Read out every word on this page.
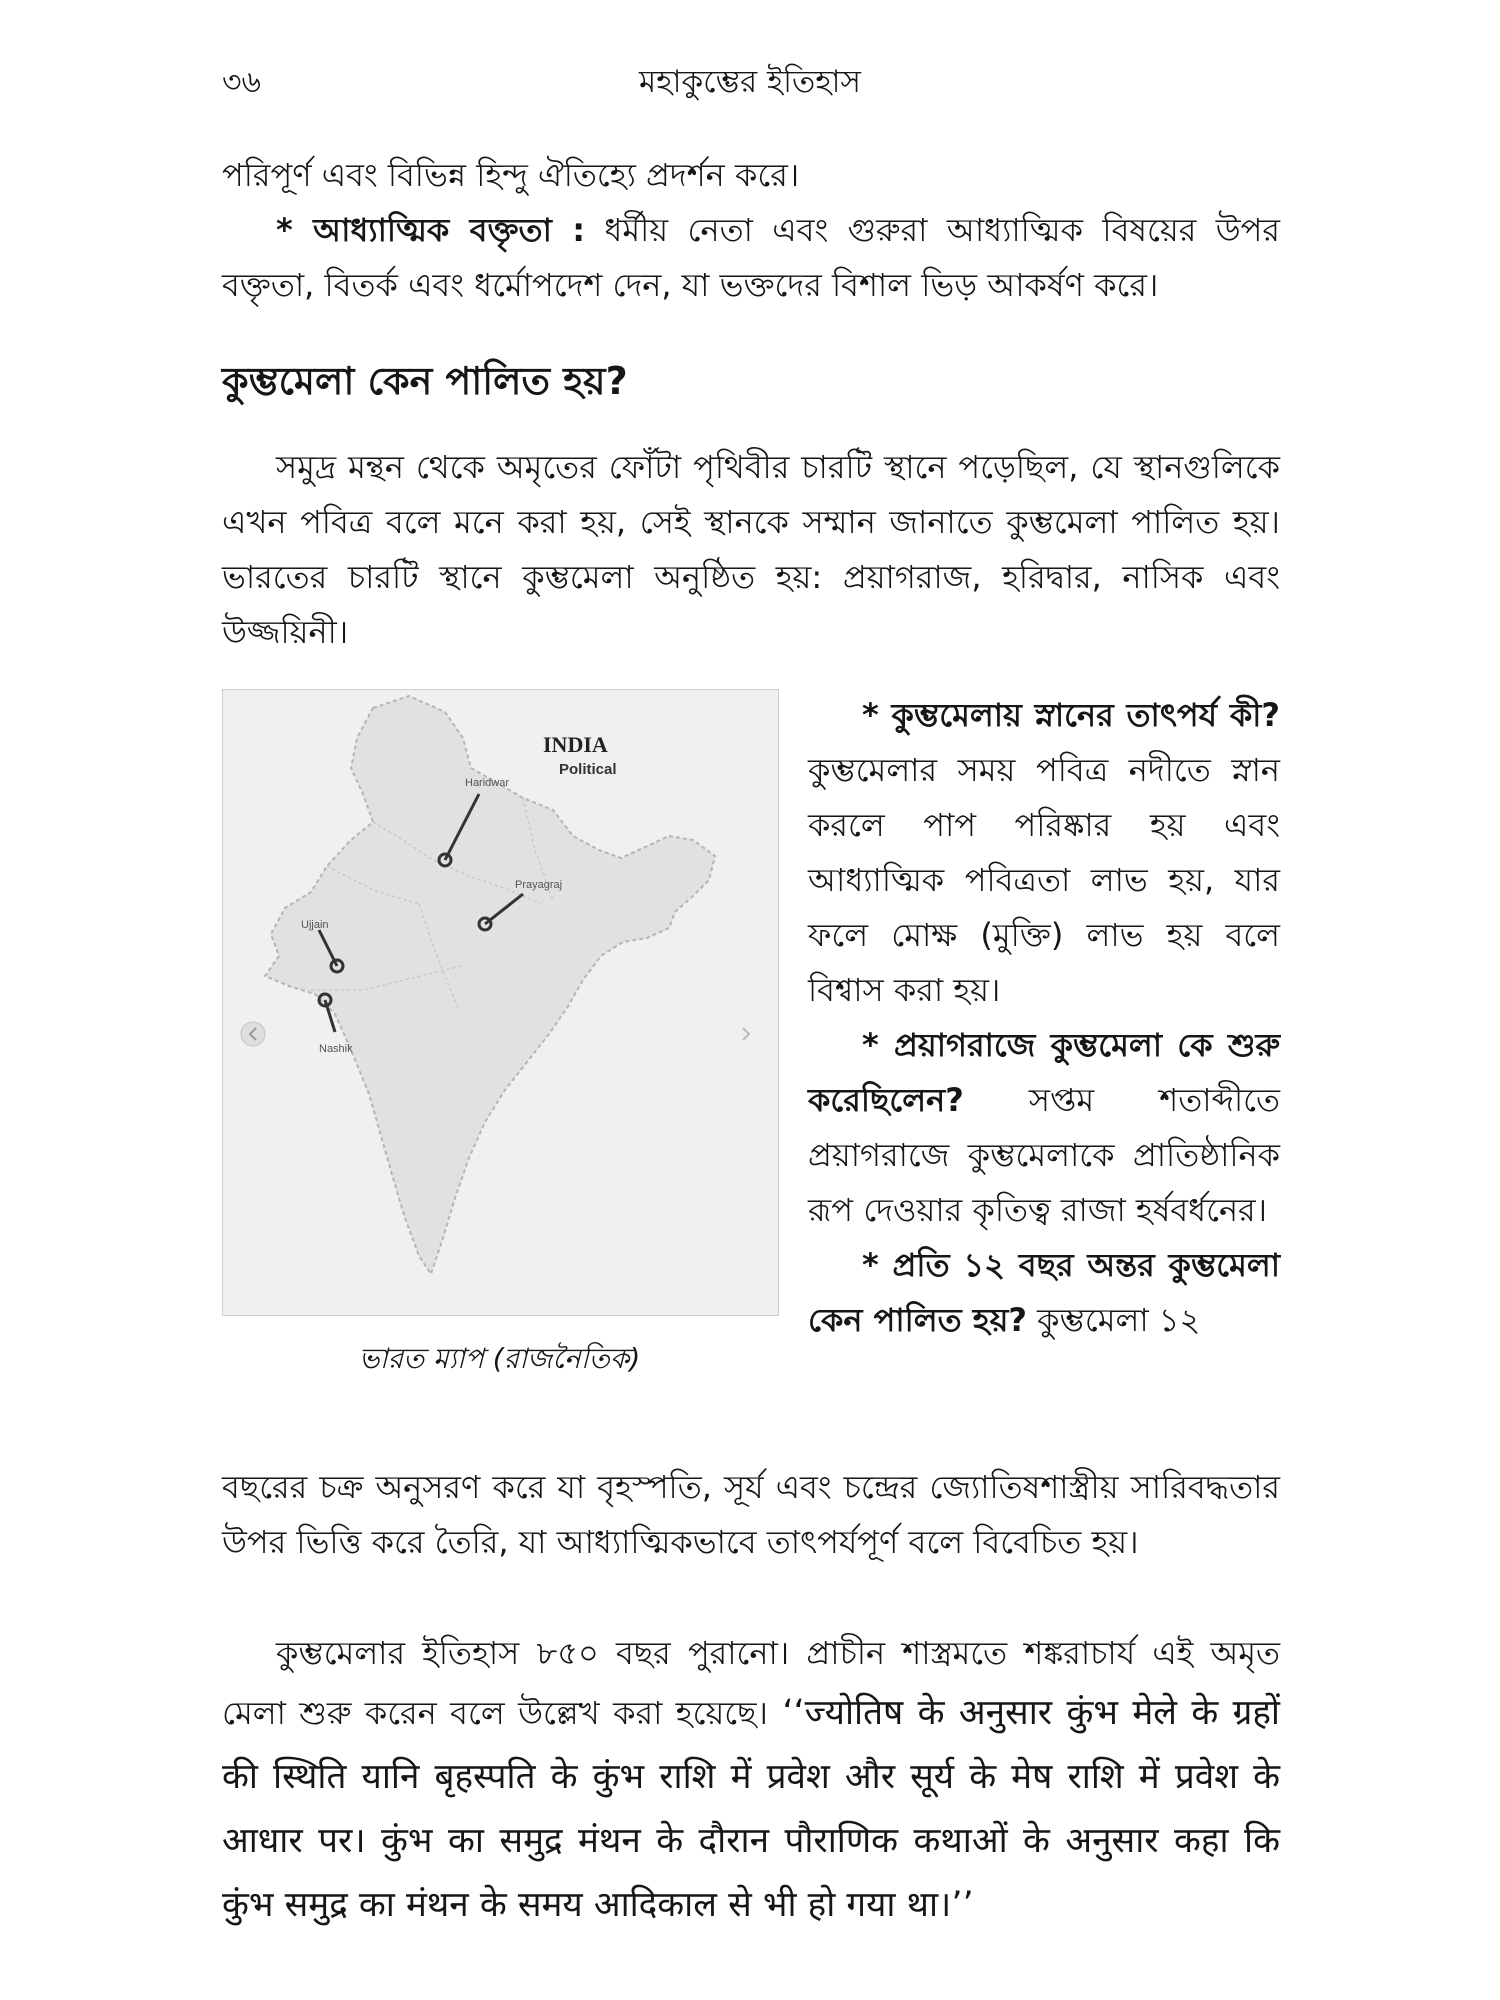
৩৬	মহাকুম্ভের ইতিহাস

পরিপূর্ণ এবং বিভিন্ন হিন্দু ঐতিহ্যে প্রদর্শন করে।

* আধ্যাত্মিক বক্তৃতা : ধর্মীয় নেতা এবং গুরুরা আধ্যাত্মিক বিষয়ের উপর বক্তৃতা, বিতর্ক এবং ধর্মোপদেশ দেন, যা ভক্তদের বিশাল ভিড় আকর্ষণ করে।

কুম্ভমেলা কেন পালিত হয়?

সমুদ্র মন্থন থেকে অমৃতের ফোঁটা পৃথিবীর চারটি স্থানে পড়েছিল, যে স্থানগুলিকে এখন পবিত্র বলে মনে করা হয়, সেই স্থানকে সম্মান জানাতে কুম্ভমেলা পালিত হয়। ভারতের চারটি স্থানে কুম্ভমেলা অনুষ্ঠিত হয়: প্রয়াগরাজ, হরিদ্বার, নাসিক এবং উজ্জয়িনী।

INDIA
Political
Haridwar
Prayagraj
Ujjain
Nashik
ভারত ম্যাপ (রাজনৈতিক)

* কুম্ভমেলায় স্নানের তাৎপর্য কী? কুম্ভমেলার সময় পবিত্র নদীতে স্নান করলে পাপ পরিষ্কার হয় এবং আধ্যাত্মিক পবিত্রতা লাভ হয়, যার ফলে মোক্ষ (মুক্তি) লাভ হয় বলে বিশ্বাস করা হয়।

* প্রয়াগরাজে কুম্ভমেলা কে শুরু করেছিলেন? সপ্তম শতাব্দীতে প্রয়াগরাজে কুম্ভমেলাকে প্রাতিষ্ঠানিক রূপ দেওয়ার কৃতিত্ব রাজা হর্ষবর্ধনের।

* প্রতি ১২ বছর অন্তর কুম্ভমেলা কেন পালিত হয়? কুম্ভমেলা ১২

বছরের চক্র অনুসরণ করে যা বৃহস্পতি, সূর্য এবং চন্দ্রের জ্যোতিষশাস্ত্রীয় সারিবদ্ধতার উপর ভিত্তি করে তৈরি, যা আধ্যাত্মিকভাবে তাৎপর্যপূর্ণ বলে বিবেচিত হয়।

কুম্ভমেলার ইতিহাস ৮৫০ বছর পুরানো। প্রাচীন শাস্ত্রমতে শঙ্করাচার্য এই অমৃত মেলা শুরু করেন বলে উল্লেখ করা হয়েছে। ‘‘ज्योतिष के अनुसार कुंभ मेले के ग्रहों की स्थिति यानि बृहस्पति के कुंभ राशि में प्रवेश और सूर्य के मेष राशि में प्रवेश के आधार पर। कुंभ का समुद्र मंथन के दौरान पौराणिक कथाओं के अनुसार कहा कि कुंभ समुद्र का मंथन के समय आदिकाल से भी हो गया था।’’
